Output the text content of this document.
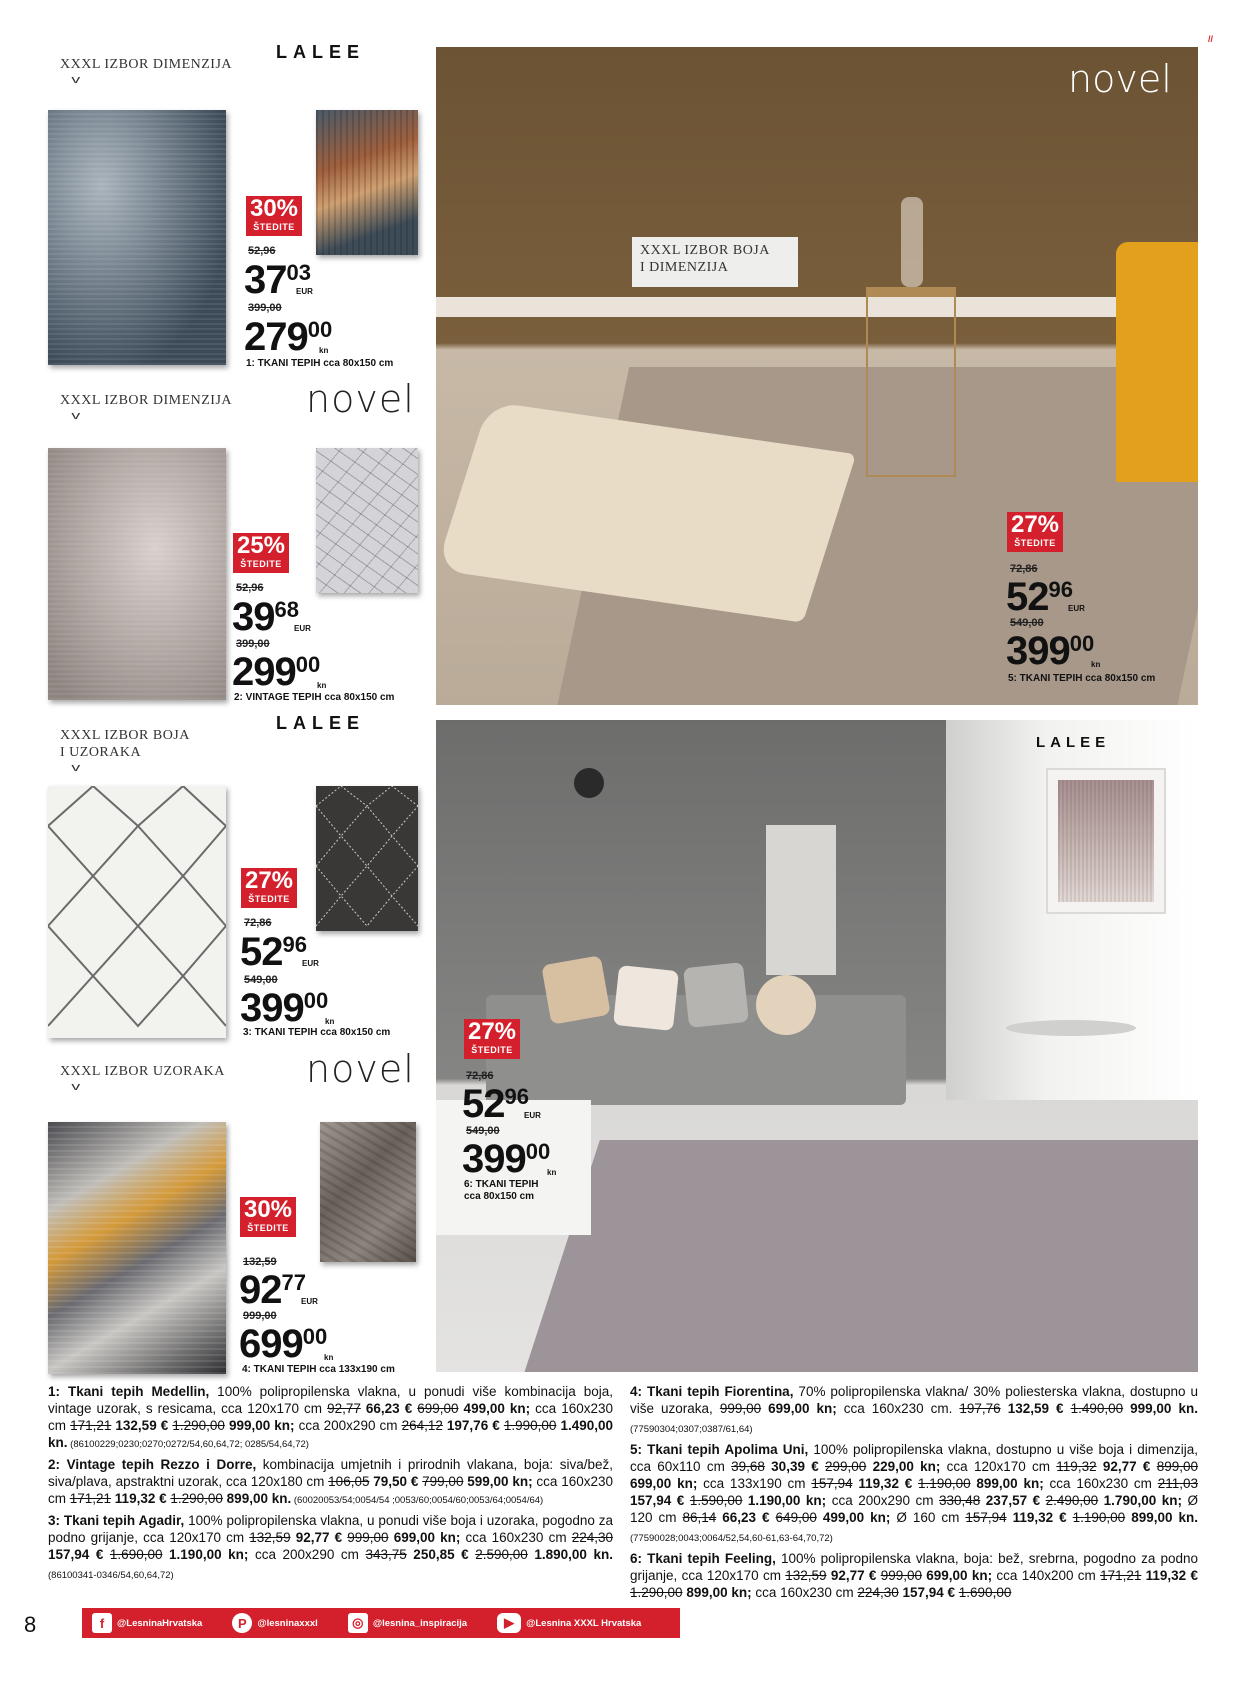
//
XXXL IZBOR DIMENZIJA
v
LALEE
30%
ŠTEDITE
52,96
3703
EUR
399,00
27900
kn
1: TKANI TEPIH cca 80x150 cm
XXXL IZBOR DIMENZIJA
v	novel
25%
ŠTEDITE
52,96
3968
EUR
399,00
29900
kn
2: VINTAGE TEPIH cca 80x150 cm
XXXL IZBOR BOJA
I UZORAKA
v
LALEE
27%
ŠTEDITE
72,86
5296
EUR
549,00
39900
kn
3: TKANI TEPIH cca 80x150 cm
XXXL IZBOR UZORAKA
v	novel
30%
ŠTEDITE
132,59
9277
EUR
999,00
69900
kn
4: TKANI TEPIH cca 133x190 cm
novel
XXXL IZBOR BOJA
I DIMENZIJA
27%
ŠTEDITE
72,86
5296
EUR
549,00
39900
kn
5: TKANI TEPIH cca 80x150 cm
LALEE
27%
ŠTEDITE
72,86
5296
EUR
549,00
39900
kn
6: TKANI TEPIH
cca 80x150 cm

1: Tkani tepih Medellin, 100% polipropilenska vlakna, u ponudi više kombinacija boja, vintage uzorak, s resicama, cca 120x170 cm 92,77 66,23 € 699,00 499,00 kn; cca 160x230 cm 171,21 132,59 € 1.290,00 999,00 kn; cca 200x290 cm 264,12 197,76 € 1.990,00 1.490,00 kn. (86100229;0230;0270;0272/54,60,64,72; 0285/54,64,72)

2: Vintage tepih Rezzo i Dorre, kombinacija umjetnih i prirodnih vlakana, boja: siva/bež, siva/plava, apstraktni uzorak, cca 120x180 cm 106,05 79,50 € 799,00 599,00 kn; cca 160x230 cm 171,21 119,32 € 1.290,00 899,00 kn. (60020053/54;0054/54 ;0053/60;0054/60;0053/64;0054/64)

3: Tkani tepih Agadir, 100% polipropilenska vlakna, u ponudi više boja i uzoraka, pogodno za podno grijanje, cca 120x170 cm 132,59 92,77 € 999,00 699,00 kn; cca 160x230 cm 224,30 157,94 € 1.690,00 1.190,00 kn; cca 200x290 cm 343,75 250,85 € 2.590,00 1.890,00 kn. (86100341-0346/54,60,64,72)

4: Tkani tepih Fiorentina, 70% polipropilenska vlakna/ 30% poliesterska vlakna, dostupno u više uzoraka, 999,00 699,00 kn; cca 160x230 cm. 197,76 132,59 € 1.490,00 999,00 kn. (77590304;0307;0387/61,64)

5: Tkani tepih Apolima Uni, 100% polipropilenska vlakna, dostupno u više boja i dimenzija, cca 60x110 cm 39,68 30,39 € 299,00 229,00 kn; cca 120x170 cm 119,32 92,77 € 899,00 699,00 kn; cca 133x190 cm 157,94 119,32 € 1.190,00 899,00 kn; cca 160x230 cm 211,03 157,94 € 1.590,00 1.190,00 kn; cca 200x290 cm 330,48 237,57 € 2.490,00 1.790,00 kn; Ø 120 cm 86,14 66,23 € 649,00 499,00 kn; Ø 160 cm 157,94 119,32 € 1.190,00 899,00 kn. (77590028;0043;0064/52,54,60-61,63-64,70,72)

6: Tkani tepih Feeling, 100% polipropilenska vlakna, boja: bež, srebrna, pogodno za podno grijanje, cca 120x170 cm 132,59 92,77 € 999,00 699,00 kn; cca 140x200 cm 171,21 119,32 € 1.290,00 899,00 kn; cca 160x230 cm 224,30 157,94 € 1.690,00

8	f	@LesninaHrvatska	P	@lesninaxxxl	◎ @lesnina_inspiracija	▶	@Lesnina XXXL Hrvatska
